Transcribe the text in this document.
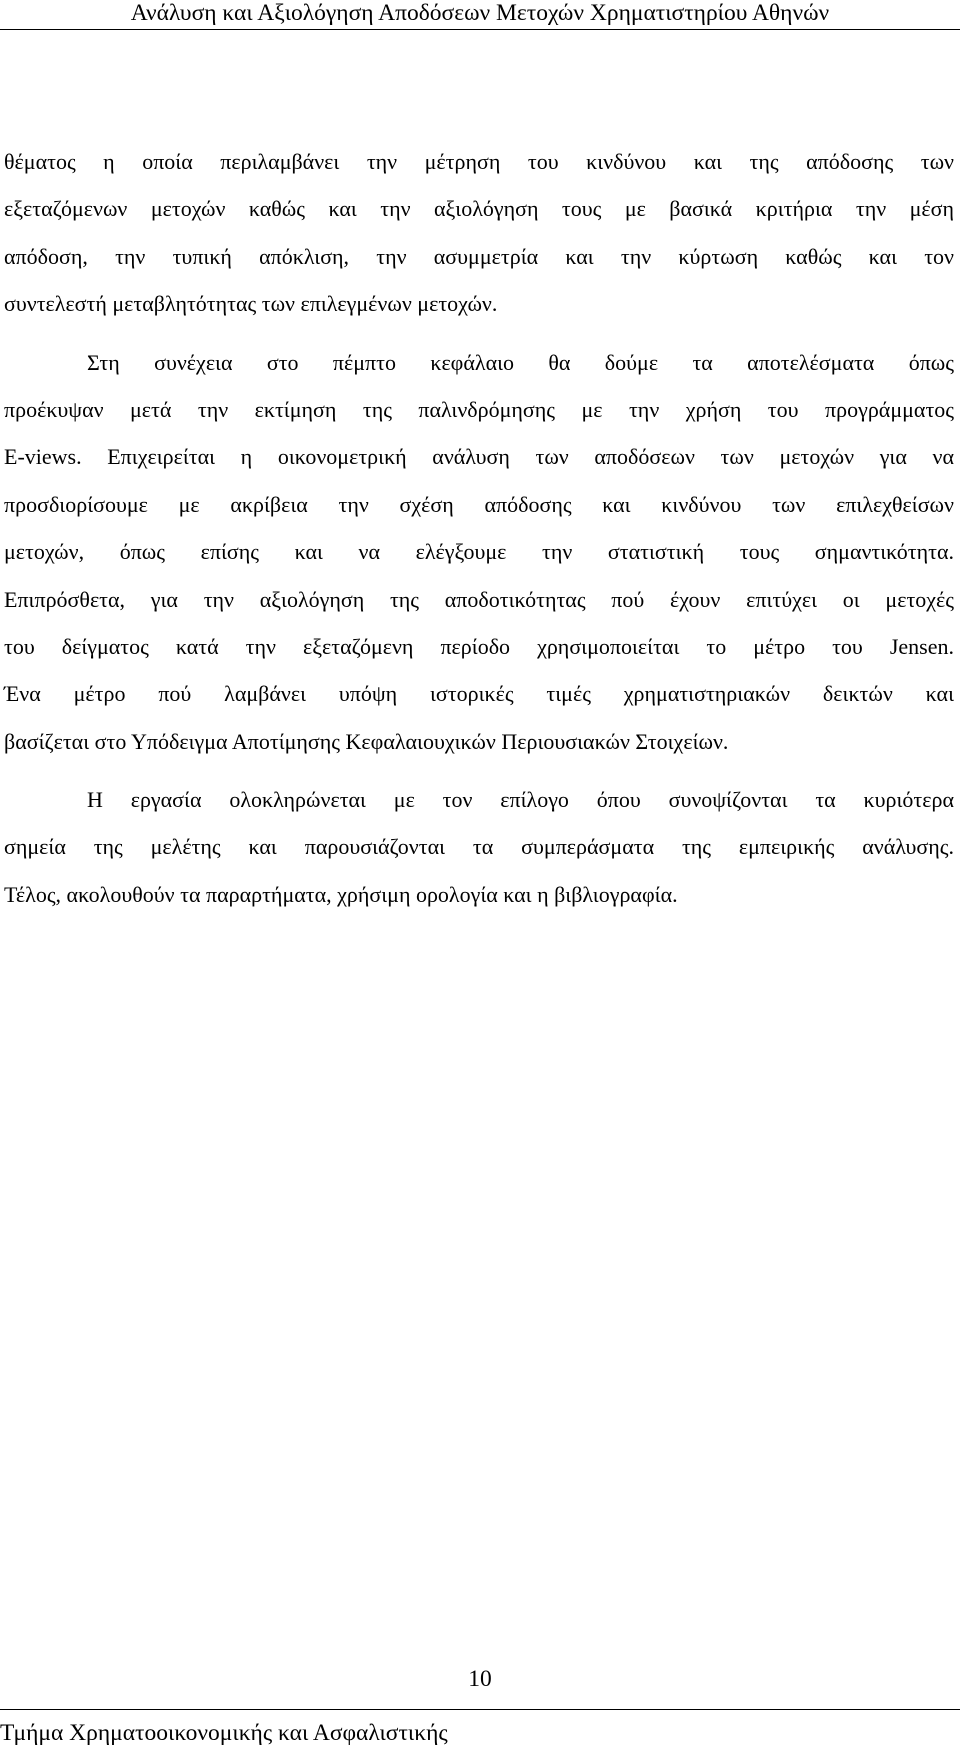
Ανάλυση και Αξιολόγηση Αποδόσεων Μετοχών Χρηματιστηρίου Αθηνών
θέματος η οποία περιλαμβάνει την μέτρηση του κινδύνου και της απόδοσης των
εξεταζόμενων μετοχών καθώς και την αξιολόγηση τους με βασικά κριτήρια την μέση
απόδοση, την τυπική απόκλιση, την ασυμμετρία και την κύρτωση καθώς και τον
συντελεστή μεταβλητότητας των επιλεγμένων μετοχών.
Στη συνέχεια στο πέμπτο κεφάλαιο θα δούμε τα αποτελέσματα όπως
προέκυψαν μετά την εκτίμηση της παλινδρόμησης με την χρήση του προγράμματος
E-views. Επιχειρείται η οικονομετρική ανάλυση των αποδόσεων των μετοχών για να
προσδιορίσουμε με ακρίβεια την σχέση απόδοσης και κινδύνου των επιλεχθείσων
μετοχών, όπως επίσης και να ελέγξουμε την στατιστική τους σημαντικότητα.
Επιπρόσθετα, για την αξιολόγηση της αποδοτικότητας πού έχουν επιτύχει οι μετοχές
του δείγματος κατά την εξεταζόμενη περίοδο χρησιμοποιείται το μέτρο του Jensen.
Ένα μέτρο πού λαμβάνει υπόψη ιστορικές τιμές χρηματιστηριακών δεικτών και
βασίζεται στο Υπόδειγμα Αποτίμησης Κεφαλαιουχικών Περιουσιακών Στοιχείων.
Η εργασία ολοκληρώνεται με τον επίλογο όπου συνοψίζονται τα κυριότερα
σημεία της μελέτης και παρουσιάζονται τα συμπεράσματα της εμπειρικής ανάλυσης.
Τέλος, ακολουθούν τα παραρτήματα, χρήσιμη ορολογία και η βιβλιογραφία.
10
Τμήμα Χρηματοοικονομικής και Ασφαλιστικής
